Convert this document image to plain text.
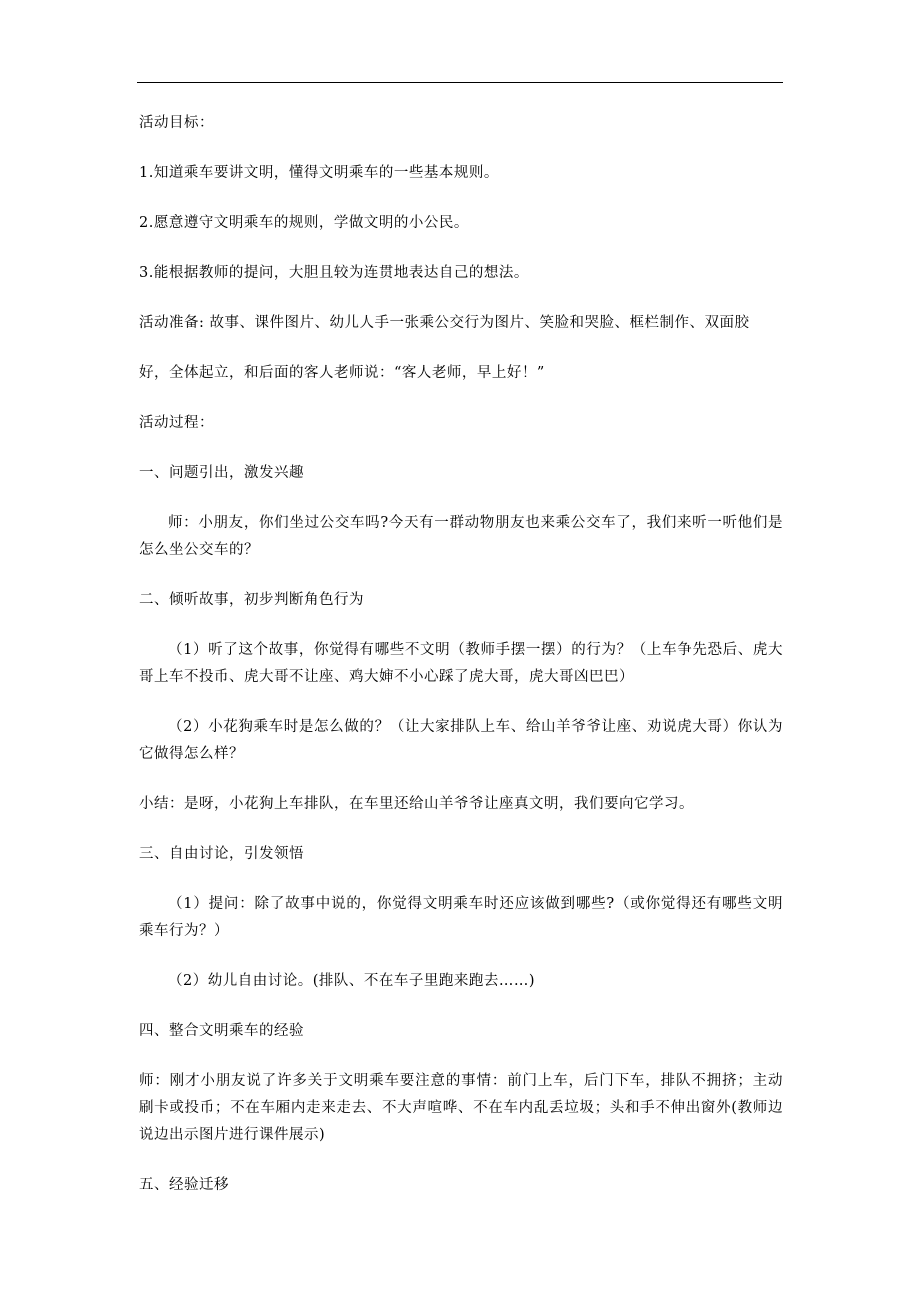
活动目标：

1.知道乘车要讲文明，懂得文明乘车的一些基本规则。

2.愿意遵守文明乘车的规则，学做文明的小公民。

3.能根据教师的提问，大胆且较为连贯地表达自己的想法。

活动准备: 故事、课件图片、幼儿人手一张乘公交行为图片、笑脸和哭脸、框栏制作、双面胶

好，全体起立，和后面的客人老师说：“客人老师，早上好！”

活动过程：

一、问题引出，激发兴趣

师：小朋友，你们坐过公交车吗?今天有一群动物朋友也来乘公交车了，我们来听一听他们是怎么坐公交车的？

二、倾听故事，初步判断角色行为

（1）听了这个故事，你觉得有哪些不文明（教师手摆一摆）的行为？（上车争先恐后、虎大哥上车不投币、虎大哥不让座、鸡大婶不小心踩了虎大哥，虎大哥凶巴巴）

（2）小花狗乘车时是怎么做的？（让大家排队上车、给山羊爷爷让座、劝说虎大哥）你认为它做得怎么样？

小结：是呀，小花狗上车排队，在车里还给山羊爷爷让座真文明，我们要向它学习。

三、自由讨论，引发领悟

（1）提问：除了故事中说的，你觉得文明乘车时还应该做到哪些?（或你觉得还有哪些文明乘车行为？）

（2）幼儿自由讨论。(排队、不在车子里跑来跑去……)

四、整合文明乘车的经验

师：刚才小朋友说了许多关于文明乘车要注意的事情：前门上车，后门下车，排队不拥挤；主动刷卡或投币；不在车厢内走来走去、不大声喧哗、不在车内乱丢垃圾；头和手不伸出窗外(教师边说边出示图片进行课件展示)

五、经验迁移
